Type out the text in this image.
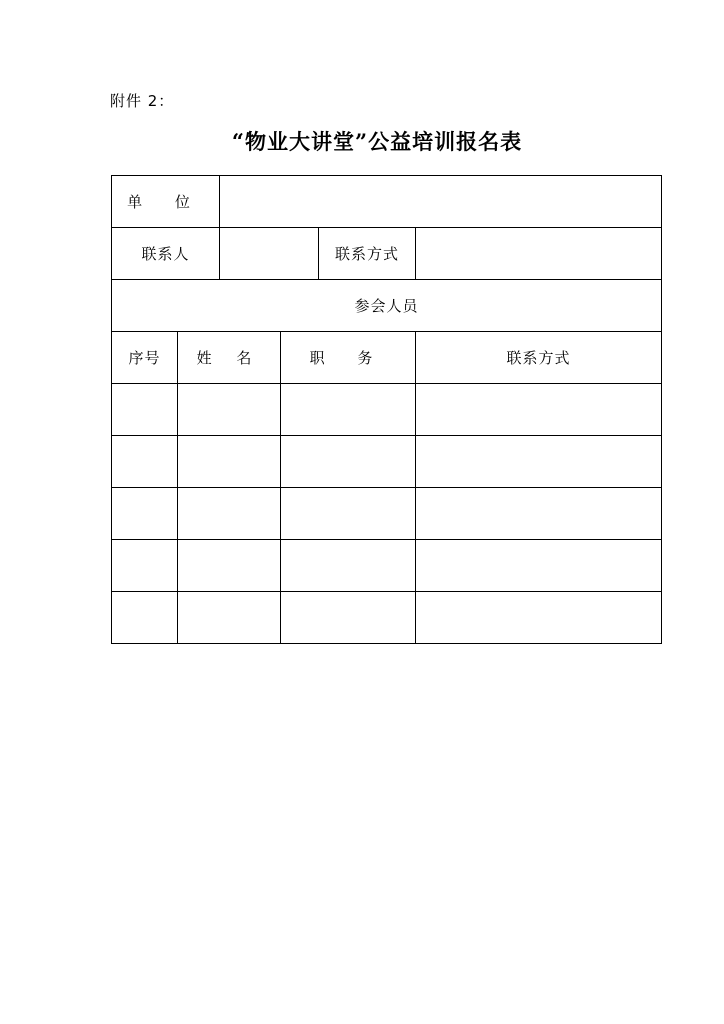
附件 2：
“物业大讲堂”公益培训报名表
单 位					
联系人				联系方式	
参会人员					
序号	姓 名		职 务		联系方式
